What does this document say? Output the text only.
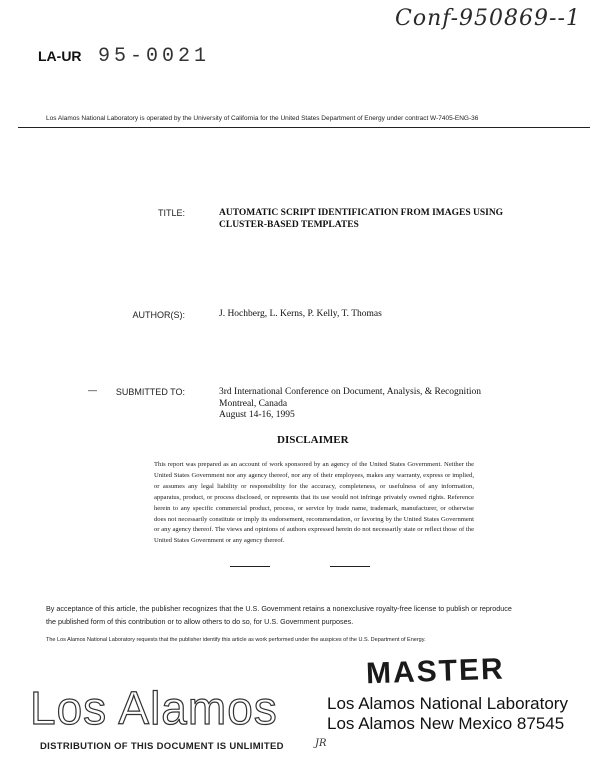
Conf-950869--1
LA-UR 95-0021
Los Alamos National Laboratory is operated by the University of California for the United States Department of Energy under contract W-7405-ENG-36
TITLE:	AUTOMATIC SCRIPT IDENTIFICATION FROM IMAGES USING
CLUSTER-BASED TEMPLATES
AUTHOR(S):	J. Hochberg, L. Kerns, P. Kelly, T. Thomas
—	SUBMITTED TO:	3rd International Conference on Document, Analysis, & Recognition
Montreal, Canada
August 14-16, 1995
DISCLAIMER
This report was prepared as an account of work sponsored by an agency of the United States Government. Neither the United States Government nor any agency thereof, nor any of their employees, makes any warranty, express or implied, or assumes any legal liability or responsibility for the accuracy, completeness, or usefulness of any information, apparatus, product, or process disclosed, or represents that its use would not infringe privately owned rights. Reference herein to any specific commercial product, process, or service by trade name, trademark, manufacturer, or otherwise does not necessarily constitute or imply its endorsement, recommendation, or favoring by the United States Government or any agency thereof. The views and opinions of authors expressed herein do not necessarily state or reflect those of the United States Government or any agency thereof.
By acceptance of this article, the publisher recognizes that the U.S. Government retains a nonexclusive royalty-free license to publish or reproduce
the published form of this contribution or to allow others to do so, for U.S. Government purposes.
The Los Alamos National Laboratory requests that the publisher identify this article as work performed under the auspices of the U.S. Department of Energy.
MASTER
Los Alamos	Los Alamos National Laboratory
Los Alamos New Mexico 87545
DISTRIBUTION OF THIS DOCUMENT IS UNLIMITED	JR
